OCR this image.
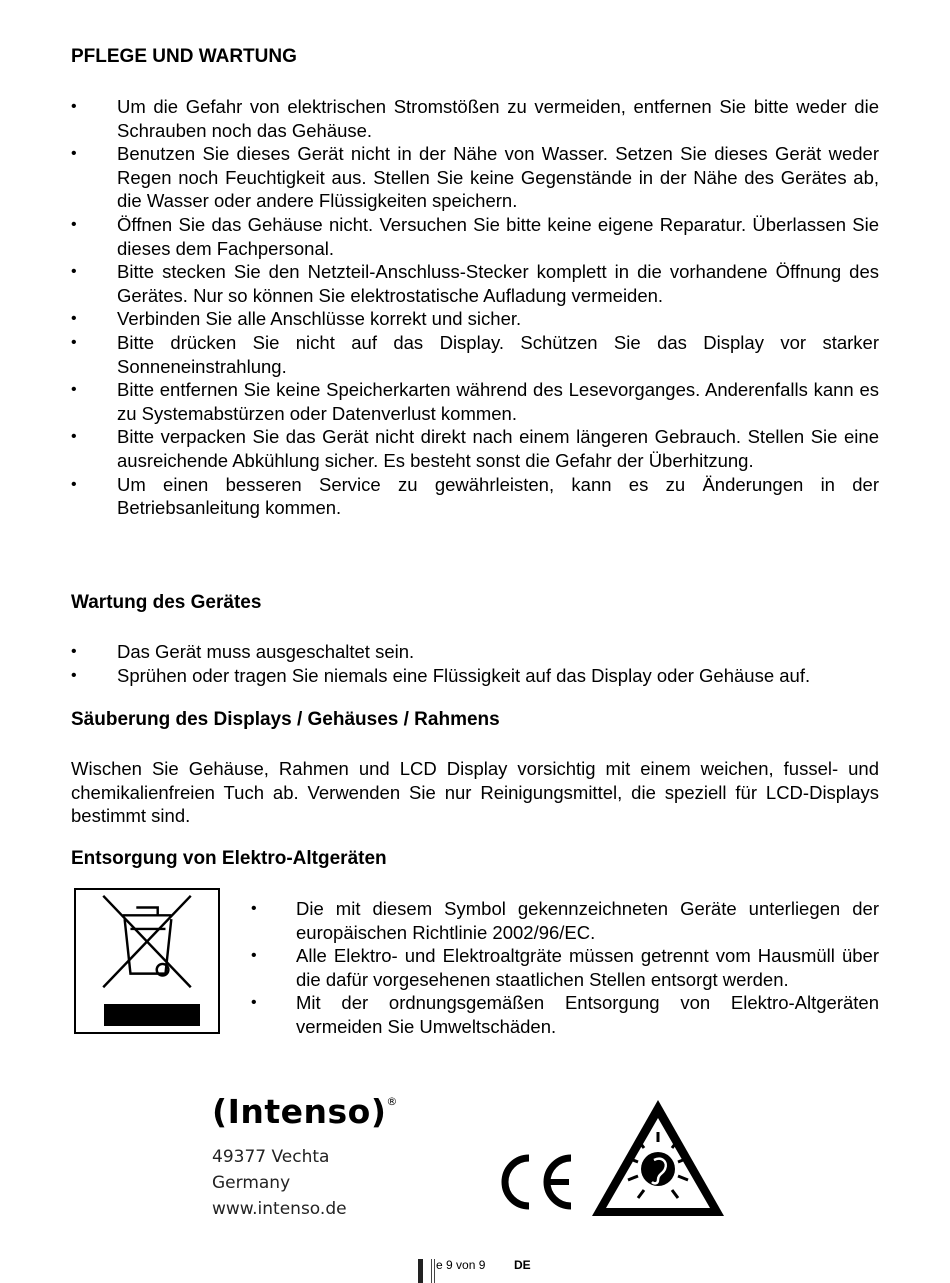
PFLEGE UND WARTUNG
• Um die Gefahr von elektrischen Stromstößen zu vermeiden, entfernen Sie bitte weder die Schrauben noch das Gehäuse.
• Benutzen Sie dieses Gerät nicht in der Nähe von Wasser. Setzen Sie dieses Gerät weder Regen noch Feuchtigkeit aus. Stellen Sie keine Gegenstände in der Nähe des Gerätes ab, die Wasser oder andere Flüssigkeiten speichern.
• Öffnen Sie das Gehäuse nicht. Versuchen Sie bitte keine eigene Reparatur. Überlassen Sie dieses dem Fachpersonal.
• Bitte stecken Sie den Netzteil-Anschluss-Stecker komplett in die vorhandene Öffnung des Gerätes. Nur so können Sie elektrostatische Aufladung vermeiden.
• Verbinden Sie alle Anschlüsse korrekt und sicher.
• Bitte drücken Sie nicht auf das Display. Schützen Sie das Display vor starker Sonneneinstrahlung.
• Bitte entfernen Sie keine Speicherkarten während des Lesevorganges. Anderenfalls kann es zu Systemabstürzen oder Datenverlust kommen.
• Bitte verpacken Sie das Gerät nicht direkt nach einem längeren Gebrauch. Stellen Sie eine ausreichende Abkühlung sicher. Es besteht sonst die Gefahr der Überhitzung.
• Um einen besseren Service zu gewährleisten, kann es zu Änderungen in der Betriebsanleitung kommen.
Wartung des Gerätes
• Das Gerät muss ausgeschaltet sein.
• Sprühen oder tragen Sie niemals eine Flüssigkeit auf das Display oder Gehäuse auf.
Säuberung des Displays / Gehäuses / Rahmens

Wischen Sie Gehäuse, Rahmen und LCD Display vorsichtig mit einem weichen, fussel- und chemikalienfreien Tuch ab. Verwenden Sie nur Reinigungsmittel, die speziell für LCD-Displays bestimmt sind.

Entsorgung von Elektro-Altgeräten
• Die mit diesem Symbol gekennzeichneten Geräte unterliegen der europäischen Richtlinie 2002/96/EC.
• Alle Elektro- und Elektroaltgräte müssen getrennt vom Hausmüll über die dafür vorgesehenen staatlichen Stellen entsorgt werden.
• Mit der ordnungsgemäßen Entsorgung von Elektro-Altgeräten vermeiden Sie Umweltschäden.
(Intenso)®
49377 Vechta
Germany
www.intenso.de
e 9 von 9 DE
